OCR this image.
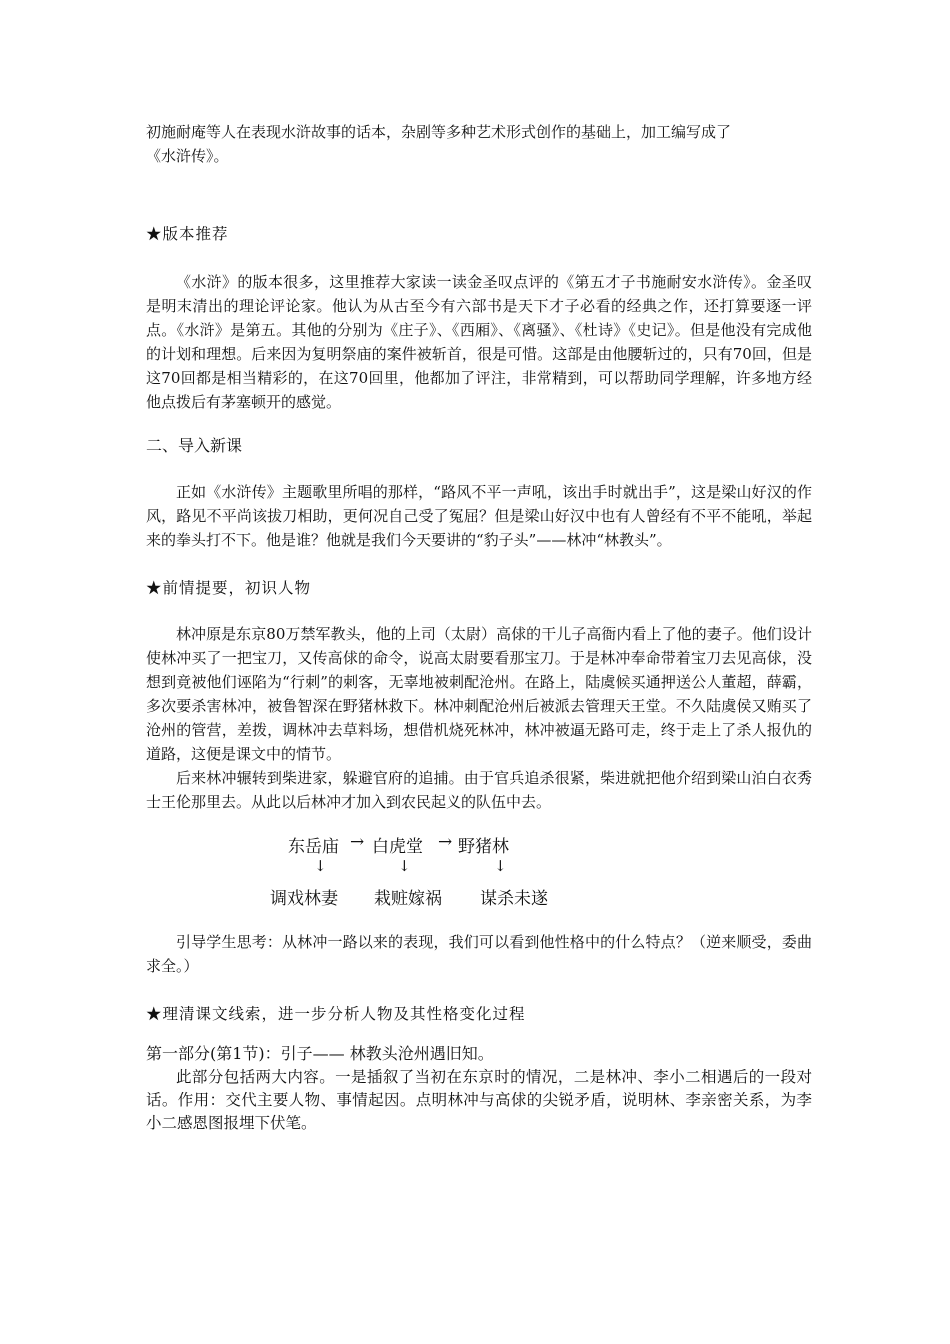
初施耐庵等人在表现水浒故事的话本，杂剧等多种艺术形式创作的基础上，加工编写成了

《水浒传》。

★版本推荐

《水浒》的版本很多，这里推荐大家读一读金圣叹点评的《第五才子书施耐安水浒传》。金圣叹是明末清出的理论评论家。他认为从古至今有六部书是天下才子必看的经典之作，还打算要逐一评点。《水浒》是第五。其他的分别为《庄子》、《西厢》、《离骚》、《杜诗》《史记》。但是他没有完成他的计划和理想。后来因为复明祭庙的案件被斩首，很是可惜。这部是由他腰斩过的，只有70回，但是这70回都是相当精彩的，在这70回里，他都加了评注，非常精到，可以帮助同学理解，许多地方经他点拨后有茅塞顿开的感觉。

二、导入新课

正如《水浒传》主题歌里所唱的那样，“路风不平一声吼，该出手时就出手”，这是梁山好汉的作风，路见不平尚该拔刀相助，更何况自己受了冤屈？但是梁山好汉中也有人曾经有不平不能吼，举起来的拳头打不下。他是谁？他就是我们今天要讲的“豹子头”——林冲“林教头”。

★前情提要，初识人物

林冲原是东京80万禁军教头，他的上司（太尉）高俅的干儿子高衙内看上了他的妻子。他们设计使林冲买了一把宝刀，又传高俅的命令，说高太尉要看那宝刀。于是林冲奉命带着宝刀去见高俅，没想到竟被他们诬陷为“行刺”的刺客，无辜地被刺配沧州。在路上，陆虞候买通押送公人董超，薛霸，多次要杀害林冲，被鲁智深在野猪林救下。林冲刺配沧州后被派去管理天王堂。不久陆虞侯又贿买了沧州的管营，差拨，调林冲去草料场，想借机烧死林冲，林冲被逼无路可走，终于走上了杀人报仇的道路，这便是课文中的情节。

后来林冲辗转到柴进家，躲避官府的追捕。由于官兵追杀很紧，柴进就把他介绍到梁山泊白衣秀士王伦那里去。从此以后林冲才加入到农民起义的队伍中去。

东岳庙 → 白虎堂 → 野猪林
↓	↓	↓
调戏林妻 栽赃嫁祸 谋杀未遂

引导学生思考：从林冲一路以来的表现，我们可以看到他性格中的什么特点？（逆来顺受，委曲求全。）

★理清课文线索，进一步分析人物及其性格变化过程

第一部分(第1节)：引子—— 林教头沧州遇旧知。

此部分包括两大内容。一是插叙了当初在东京时的情况，二是林冲、李小二相遇后的一段对话。作用：交代主要人物、事情起因。点明林冲与高俅的尖锐矛盾，说明林、李亲密关系，为李小二感恩图报埋下伏笔。
